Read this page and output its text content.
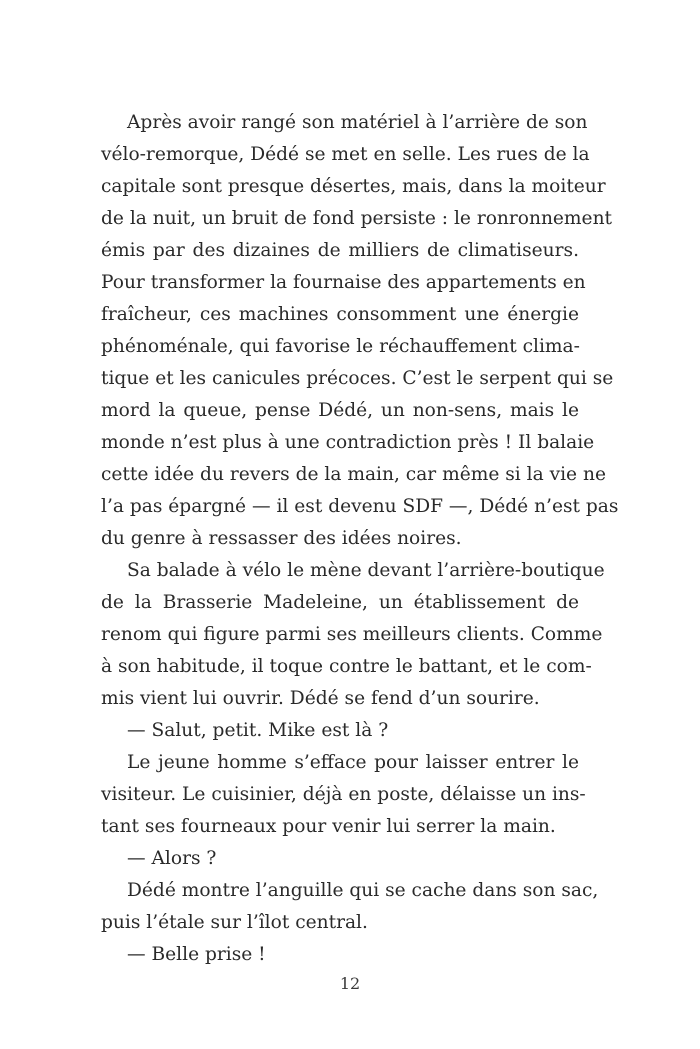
Après avoir rangé son matériel à l’arrière de son
vélo-remorque, Dédé se met en selle. Les rues de la
capitale sont presque désertes, mais, dans la moiteur
de la nuit, un bruit de fond persiste : le ronronnement
émis par des dizaines de milliers de climatiseurs.
Pour transformer la fournaise des appartements en
fraîcheur, ces machines consomment une énergie
phénoménale, qui favorise le réchauffement clima-
tique et les canicules précoces. C’est le serpent qui se
mord la queue, pense Dédé, un non-sens, mais le
monde n’est plus à une contradiction près ! Il balaie
cette idée du revers de la main, car même si la vie ne
l’a pas épargné — il est devenu SDF —, Dédé n’est pas
du genre à ressasser des idées noires.
Sa balade à vélo le mène devant l’arrière-boutique
de la Brasserie Madeleine, un établissement de
renom qui figure parmi ses meilleurs clients. Comme
à son habitude, il toque contre le battant, et le com-
mis vient lui ouvrir. Dédé se fend d’un sourire.
— Salut, petit. Mike est là ?
Le jeune homme s’efface pour laisser entrer le
visiteur. Le cuisinier, déjà en poste, délaisse un ins-
tant ses fourneaux pour venir lui serrer la main.
— Alors ?
Dédé montre l’anguille qui se cache dans son sac,
puis l’étale sur l’îlot central.
— Belle prise !
12
